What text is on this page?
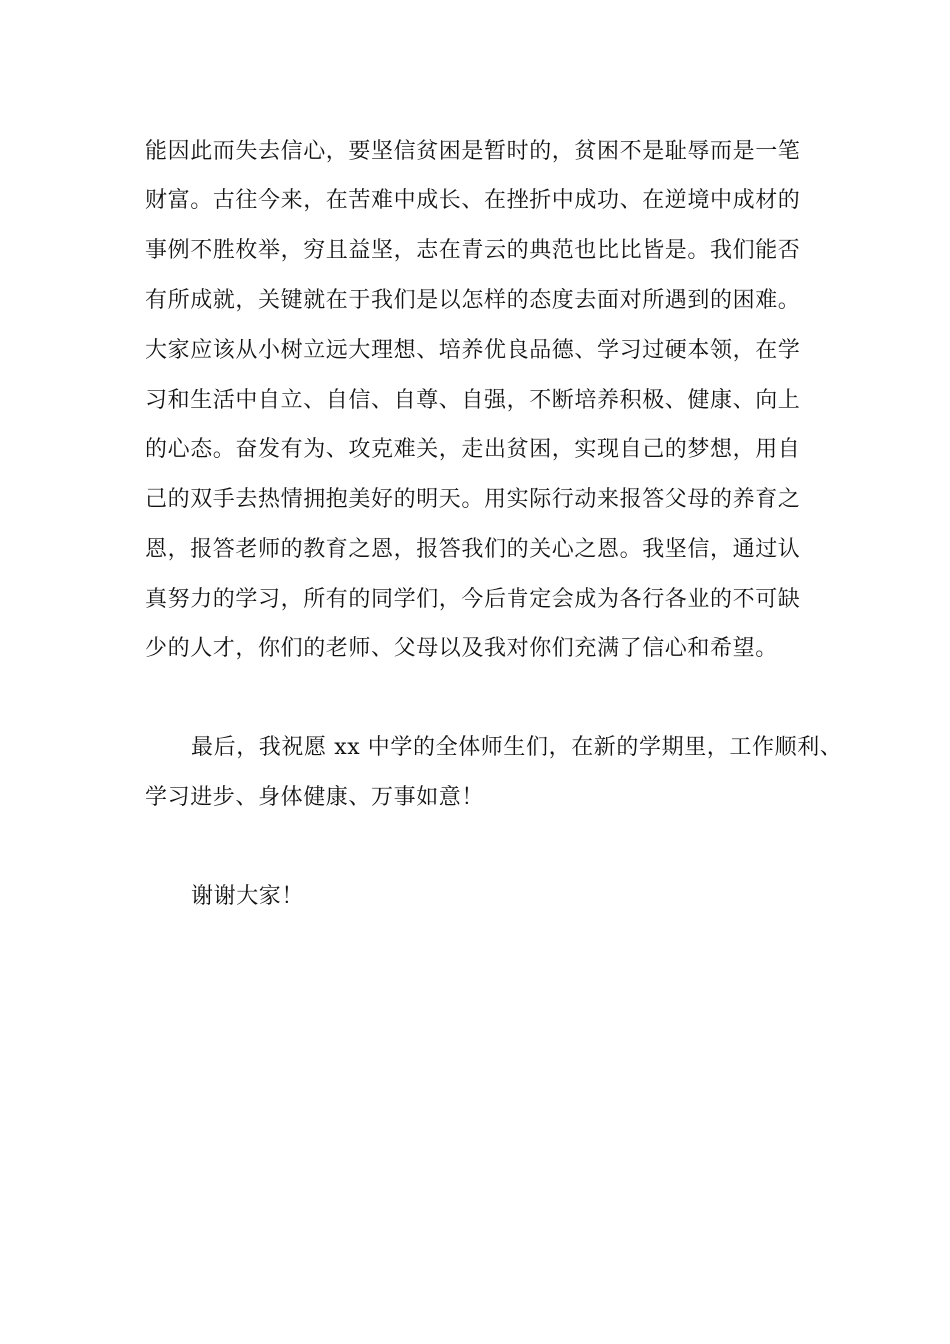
能因此而失去信心，要坚信贫困是暂时的，贫困不是耻辱而是一笔
财富。古往今来，在苦难中成长、在挫折中成功、在逆境中成材的
事例不胜枚举，穷且益坚，志在青云的典范也比比皆是。我们能否
有所成就，关键就在于我们是以怎样的态度去面对所遇到的困难。
大家应该从小树立远大理想、培养优良品德、学习过硬本领，在学
习和生活中自立、自信、自尊、自强，不断培养积极、健康、向上
的心态。奋发有为、攻克难关，走出贫困，实现自己的梦想，用自
己的双手去热情拥抱美好的明天。用实际行动来报答父母的养育之
恩，报答老师的教育之恩，报答我们的关心之恩。我坚信，通过认
真努力的学习，所有的同学们，今后肯定会成为各行各业的不可缺
少的人才，你们的老师、父母以及我对你们充满了信心和希望。
最后，我祝愿 xx 中学的全体师生们，在新的学期里，工作顺利、
学习进步、身体健康、万事如意！
谢谢大家！
